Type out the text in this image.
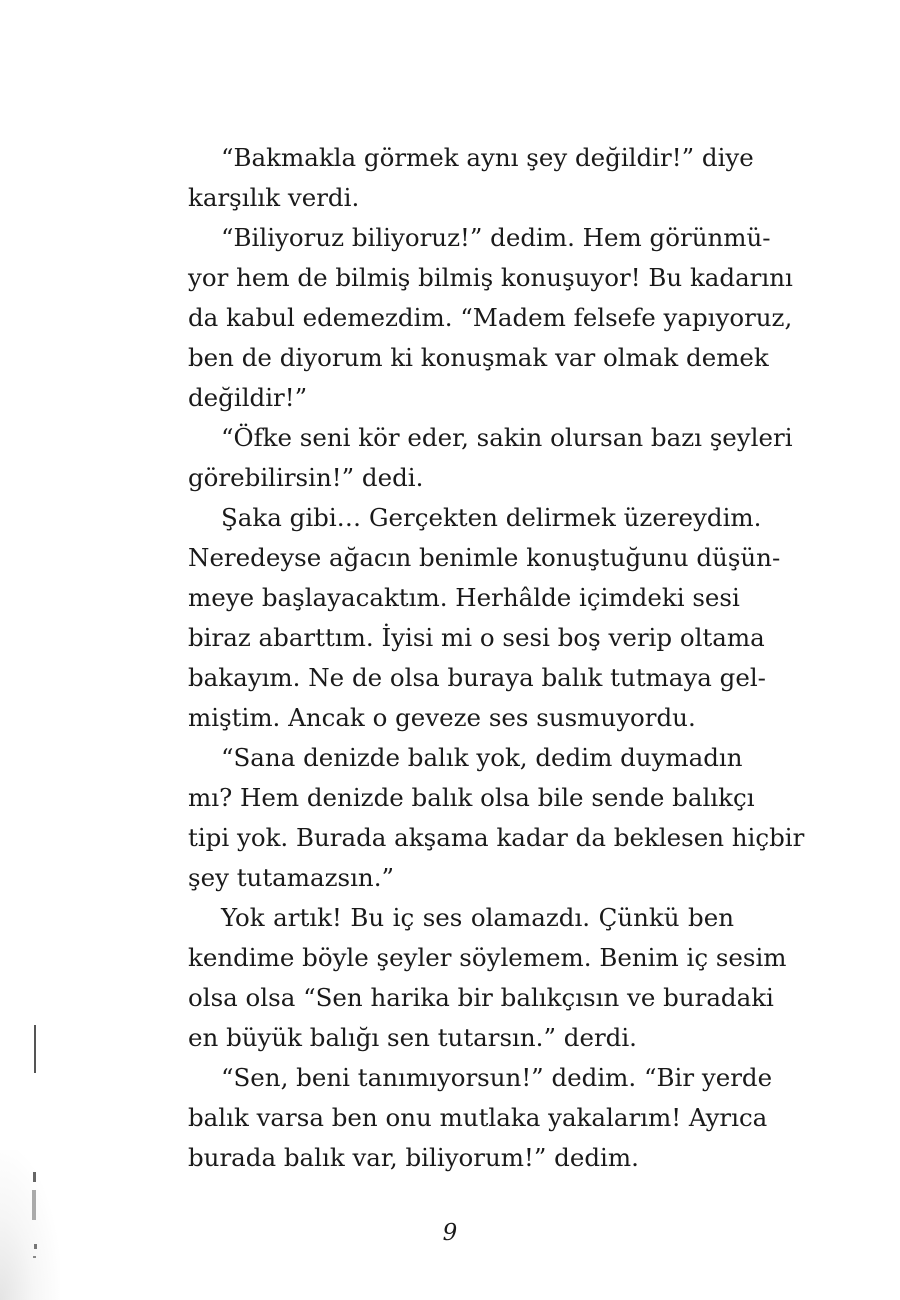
“Bakmakla görmek aynı şey değildir!” diye
karşılık verdi.
“Biliyoruz biliyoruz!” dedim. Hem görünmü-
yor hem de bilmiş bilmiş konuşuyor! Bu kadarını
da kabul edemezdim. “Madem felsefe yapıyoruz,
ben de diyorum ki konuşmak var olmak demek
değildir!”
“Öfke seni kör eder, sakin olursan bazı şeyleri
görebilirsin!” dedi.
Şaka gibi… Gerçekten delirmek üzereydim.
Neredeyse ağacın benimle konuştuğunu düşün-
meye başlayacaktım. Herhâlde içimdeki sesi
biraz abarttım. İyisi mi o sesi boş verip oltama
bakayım. Ne de olsa buraya balık tutmaya gel-
miştim. Ancak o geveze ses susmuyordu.
“Sana denizde balık yok, dedim duymadın
mı? Hem denizde balık olsa bile sende balıkçı
tipi yok. Burada akşama kadar da beklesen hiçbir
şey tutamazsın.”
Yok artık! Bu iç ses olamazdı. Çünkü ben
kendime böyle şeyler söylemem. Benim iç sesim
olsa olsa “Sen harika bir balıkçısın ve buradaki
en büyük balığı sen tutarsın.” derdi.
“Sen, beni tanımıyorsun!” dedim. “Bir yerde
balık varsa ben onu mutlaka yakalarım! Ayrıca
burada balık var, biliyorum!” dedim.
9
